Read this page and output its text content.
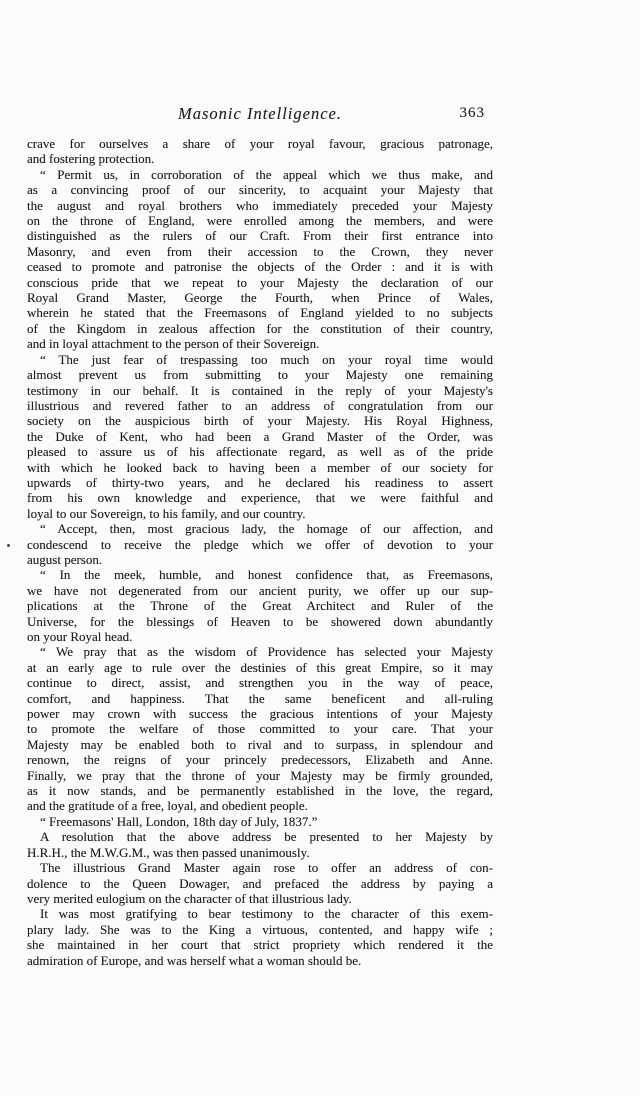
Masonic Intelligence.	363
crave for ourselves a share of your royal favour, gracious patronage,
and fostering protection.
“ Permit us, in corroboration of the appeal which we thus make, and
as a convincing proof of our sincerity, to acquaint your Majesty that
the august and royal brothers who immediately preceded your Majesty
on the throne of England, were enrolled among the members, and were
distinguished as the rulers of our Craft. From their first entrance into
Masonry, and even from their accession to the Crown, they never
ceased to promote and patronise the objects of the Order : and it is with
conscious pride that we repeat to your Majesty the declaration of our
Royal Grand Master, George the Fourth, when Prince of Wales,
wherein he stated that the Freemasons of England yielded to no subjects
of the Kingdom in zealous affection for the constitution of their country,
and in loyal attachment to the person of their Sovereign.
“ The just fear of trespassing too much on your royal time would
almost prevent us from submitting to your Majesty one remaining
testimony in our behalf. It is contained in the reply of your Majesty's
illustrious and revered father to an address of congratulation from our
society on the auspicious birth of your Majesty. His Royal Highness,
the Duke of Kent, who had been a Grand Master of the Order, was
pleased to assure us of his affectionate regard, as well as of the pride
with which he looked back to having been a member of our society for
upwards of thirty-two years, and he declared his readiness to assert
from his own knowledge and experience, that we were faithful and
loyal to our Sovereign, to his family, and our country.
“ Accept, then, most gracious lady, the homage of our affection, and
condescend to receive the pledge which we offer of devotion to your
august person.
“ In the meek, humble, and honest confidence that, as Freemasons,
we have not degenerated from our ancient purity, we offer up our sup-
plications at the Throne of the Great Architect and Ruler of the
Universe, for the blessings of Heaven to be showered down abundantly
on your Royal head.
“ We pray that as the wisdom of Providence has selected your Majesty
at an early age to rule over the destinies of this great Empire, so it may
continue to direct, assist, and strengthen you in the way of peace,
comfort, and happiness. That the same beneficent and all-ruling
power may crown with success the gracious intentions of your Majesty
to promote the welfare of those committed to your care. That your
Majesty may be enabled both to rival and to surpass, in splendour and
renown, the reigns of your princely predecessors, Elizabeth and Anne.
Finally, we pray that the throne of your Majesty may be firmly grounded,
as it now stands, and be permanently established in the love, the regard,
and the gratitude of a free, loyal, and obedient people.
“ Freemasons' Hall, London, 18th day of July, 1837.”
A resolution that the above address be presented to her Majesty by
H.R.H., the M.W.G.M., was then passed unanimously.
The illustrious Grand Master again rose to offer an address of con-
dolence to the Queen Dowager, and prefaced the address by paying a
very merited eulogium on the character of that illustrious lady.
It was most gratifying to bear testimony to the character of this exem-
plary lady. She was to the King a virtuous, contented, and happy wife ;
she maintained in her court that strict propriety which rendered it the
admiration of Europe, and was herself what a woman should be.
